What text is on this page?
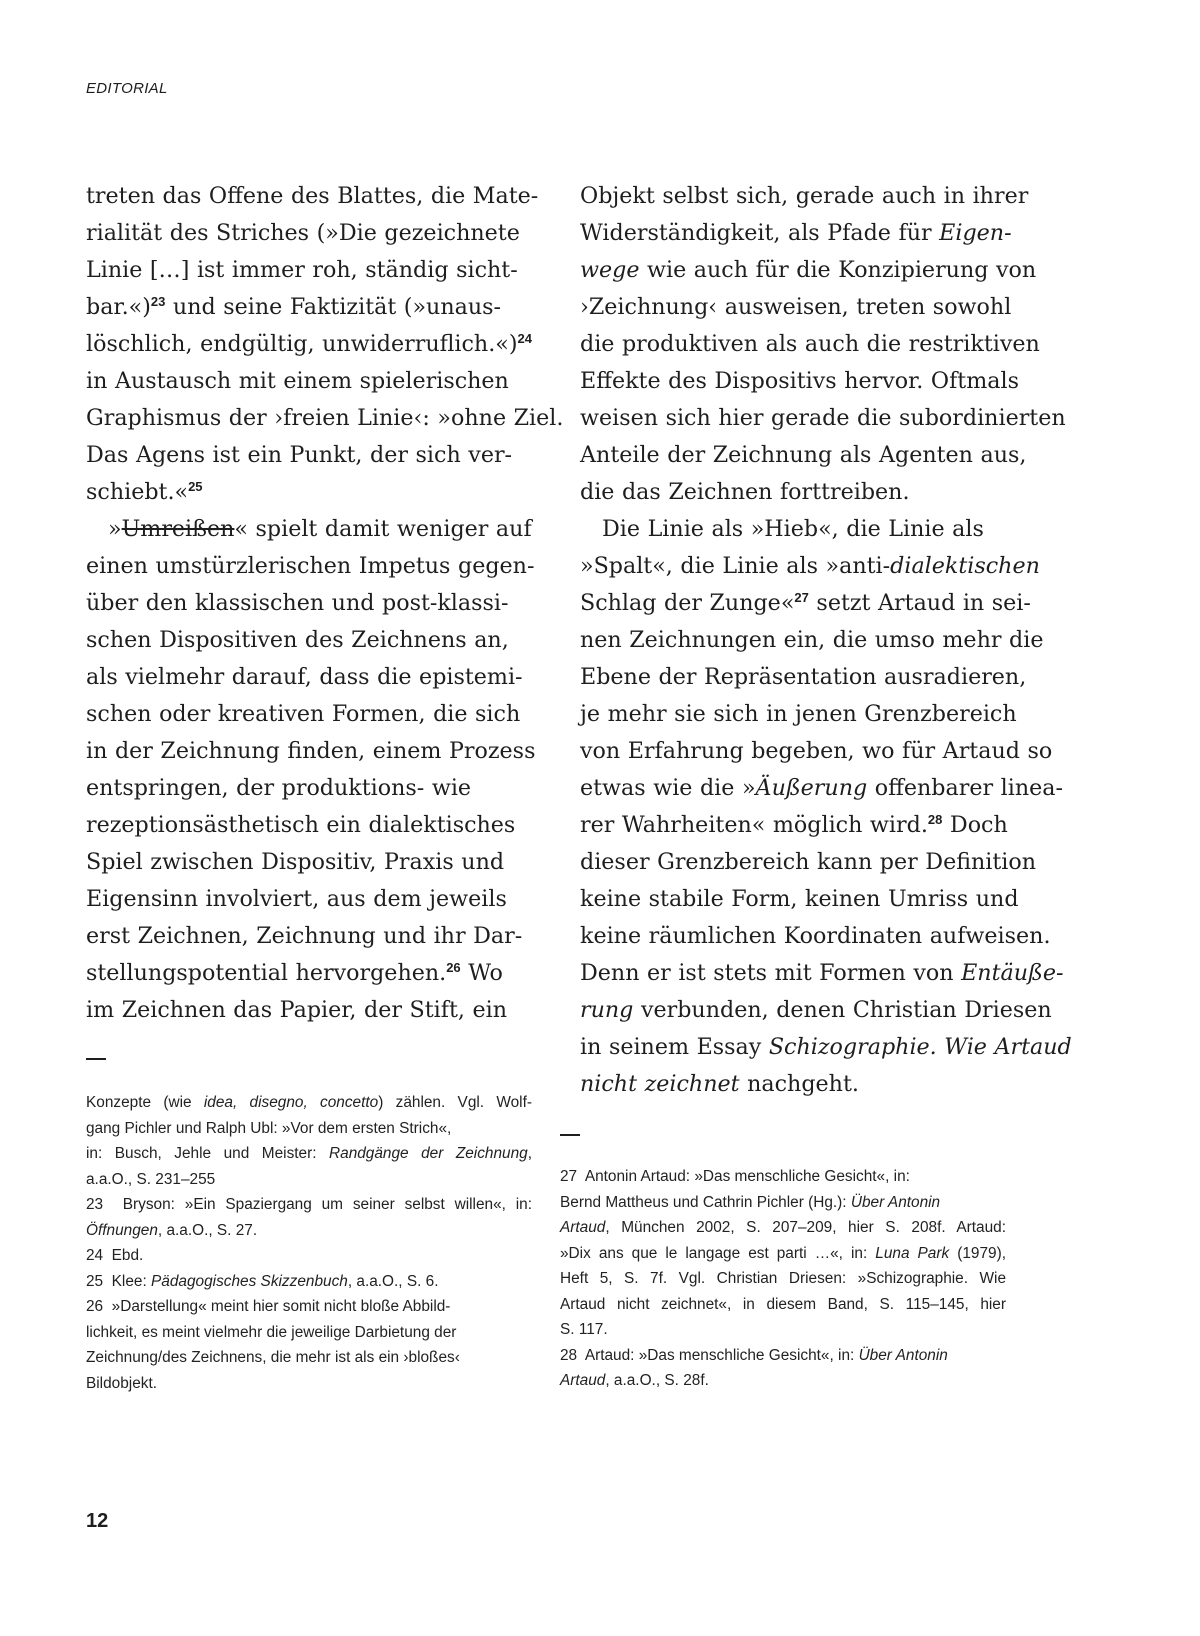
EDITORIAL
treten das Offene des Blattes, die Mate-
rialität des Striches (»Die gezeichnete
Linie […] ist immer roh, ständig sicht-
bar.«)$^{23}$ und seine Faktizität (»unaus-
löschlich, endgültig, unwiderruflich.«)$^{24}$
in Austausch mit einem spielerischen
Graphismus der ›freien Linie‹: »ohne Ziel.
Das Agens ist ein Punkt, der sich ver-
schiebt.«$^{25}$
»Umreißen« spielt damit weniger auf
einen umstürzlerischen Impetus gegen-
über den klassischen und post-klassi-
schen Dispositiven des Zeichnens an,
als vielmehr darauf, dass die epistemi-
schen oder kreativen Formen, die sich
in der Zeichnung finden, einem Prozess
entspringen, der produktions- wie
rezeptionsästhetisch ein dialektisches
Spiel zwischen Dispositiv, Praxis und
Eigensinn involviert, aus dem jeweils
erst Zeichnen, Zeichnung und ihr Dar-
stellungspotential hervorgehen.$^{26}$ Wo
im Zeichnen das Papier, der Stift, ein
Objekt selbst sich, gerade auch in ihrer
Widerständigkeit, als Pfade für Eigen-
wege wie auch für die Konzipierung von
›Zeichnung‹ ausweisen, treten sowohl
die produktiven als auch die restriktiven
Effekte des Dispositivs hervor. Oftmals
weisen sich hier gerade die subordinierten
Anteile der Zeichnung als Agenten aus,
die das Zeichnen forttreiben.
Die Linie als »Hieb«, die Linie als
»Spalt«, die Linie als »anti-dialektischen
Schlag der Zunge«$^{27}$ setzt Artaud in sei-
nen Zeichnungen ein, die umso mehr die
Ebene der Repräsentation ausradieren,
je mehr sie sich in jenen Grenzbereich
von Erfahrung begeben, wo für Artaud so
etwas wie die »Äußerung offenbarer linea-
rer Wahrheiten« möglich wird.$^{28}$ Doch
dieser Grenzbereich kann per Definition
keine stabile Form, keinen Umriss und
keine räumlichen Koordinaten aufweisen.
Denn er ist stets mit Formen von Entäuße-
rung verbunden, denen Christian Driesen
in seinem Essay Schizographie. Wie Artaud
nicht zeichnet nachgeht.
Konzepte (wie idea, disegno, concetto) zählen. Vgl. Wolf-
gang Pichler und Ralph Ubl: »Vor dem ersten Strich«,
in: Busch, Jehle und Meister: Randgänge der Zeichnung,
a.a.O., S. 231–255
23  Bryson: »Ein Spaziergang um seiner selbst willen«, in:
Öffnungen, a.a.O., S. 27.
24  Ebd.
25  Klee: Pädagogisches Skizzenbuch, a.a.O., S. 6.
26  »Darstellung« meint hier somit nicht bloße Abbild-
lichkeit, es meint vielmehr die jeweilige Darbietung der
Zeichnung/des Zeichnens, die mehr ist als ein ›bloßes‹
Bildobjekt.
27  Antonin Artaud: »Das menschliche Gesicht«, in:
Bernd Mattheus und Cathrin Pichler (Hg.): Über Antonin
Artaud, München 2002, S. 207–209, hier S. 208f. Artaud:
»Dix ans que le langage est parti …«, in: Luna Park (1979),
Heft 5, S. 7f. Vgl. Christian Driesen: »Schizographie. Wie
Artaud nicht zeichnet«, in diesem Band, S. 115–145, hier
S. 117.
28  Artaud: »Das menschliche Gesicht«, in: Über Antonin
Artaud, a.a.O., S. 28f.
12
